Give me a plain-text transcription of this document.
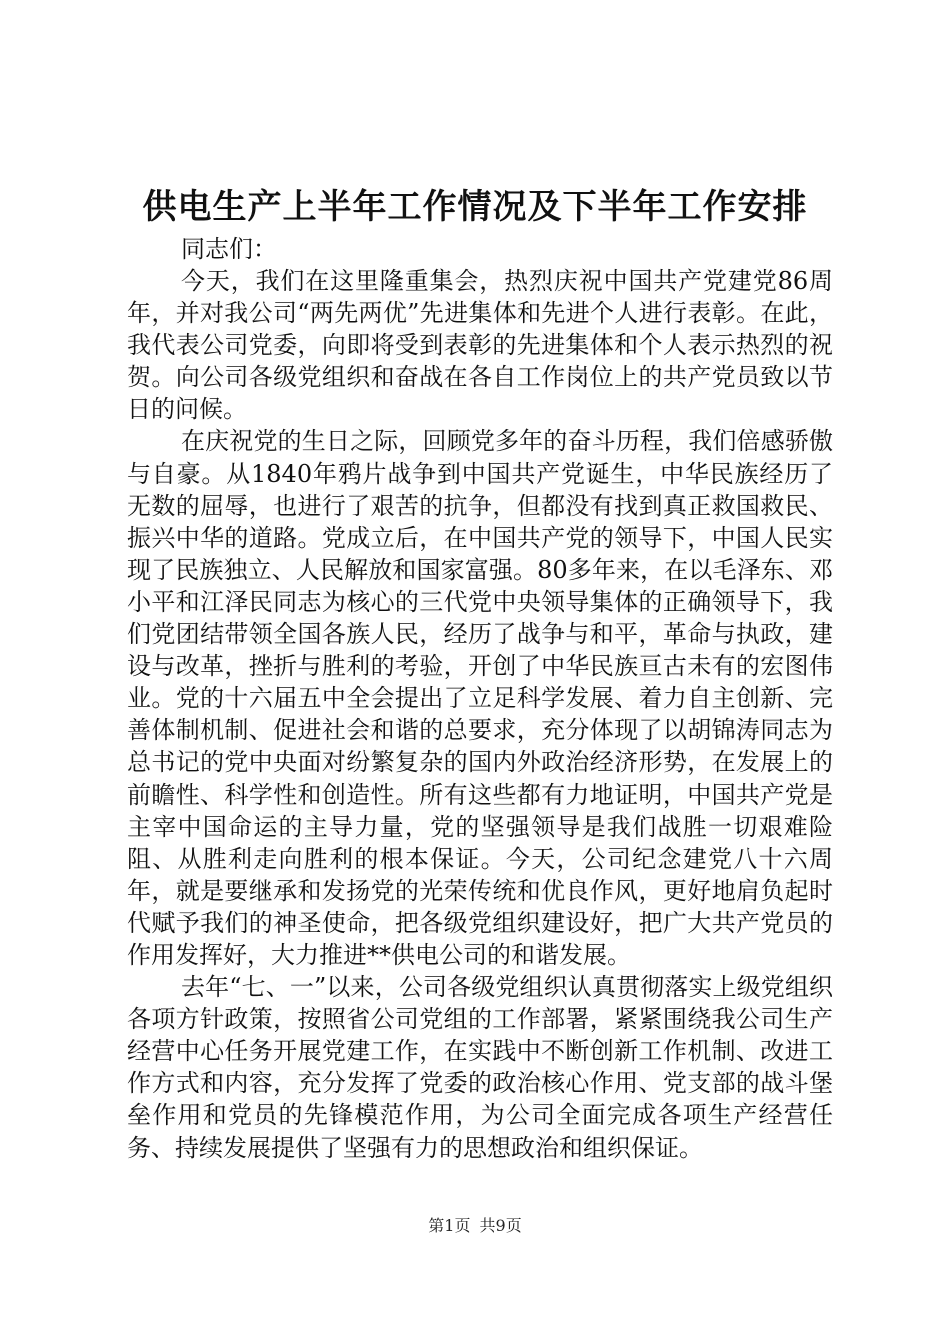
供电生产上半年工作情况及下半年工作安排

同志们：

今天，我们在这里隆重集会，热烈庆祝中国共产党建党86周年，并对我公司“两先两优”先进集体和先进个人进行表彰。在此，我代表公司党委，向即将受到表彰的先进集体和个人表示热烈的祝贺。向公司各级党组织和奋战在各自工作岗位上的共产党员致以节日的问候。

在庆祝党的生日之际，回顾党多年的奋斗历程，我们倍感骄傲与自豪。从1840年鸦片战争到中国共产党诞生，中华民族经历了无数的屈辱，也进行了艰苦的抗争，但都没有找到真正救国救民、振兴中华的道路。党成立后，在中国共产党的领导下，中国人民实现了民族独立、人民解放和国家富强。80多年来，在以毛泽东、邓小平和江泽民同志为核心的三代党中央领导集体的正确领导下，我们党团结带领全国各族人民，经历了战争与和平，革命与执政，建设与改革，挫折与胜利的考验，开创了中华民族亘古未有的宏图伟业。党的十六届五中全会提出了立足科学发展、着力自主创新、完善体制机制、促进社会和谐的总要求，充分体现了以胡锦涛同志为总书记的党中央面对纷繁复杂的国内外政治经济形势，在发展上的前瞻性、科学性和创造性。所有这些都有力地证明，中国共产党是主宰中国命运的主导力量，党的坚强领导是我们战胜一切艰难险阻、从胜利走向胜利的根本保证。今天，公司纪念建党八十六周年，就是要继承和发扬党的光荣传统和优良作风，更好地肩负起时代赋予我们的神圣使命，把各级党组织建设好，把广大共产党员的作用发挥好，大力推进**供电公司的和谐发展。

去年“七、一”以来，公司各级党组织认真贯彻落实上级党组织各项方针政策，按照省公司党组的工作部署，紧紧围绕我公司生产经营中心任务开展党建工作，在实践中不断创新工作机制、改进工作方式和内容，充分发挥了党委的政治核心作用、党支部的战斗堡垒作用和党员的先锋模范作用，为公司全面完成各项生产经营任务、持续发展提供了坚强有力的思想政治和组织保证。

第1页 共9页
